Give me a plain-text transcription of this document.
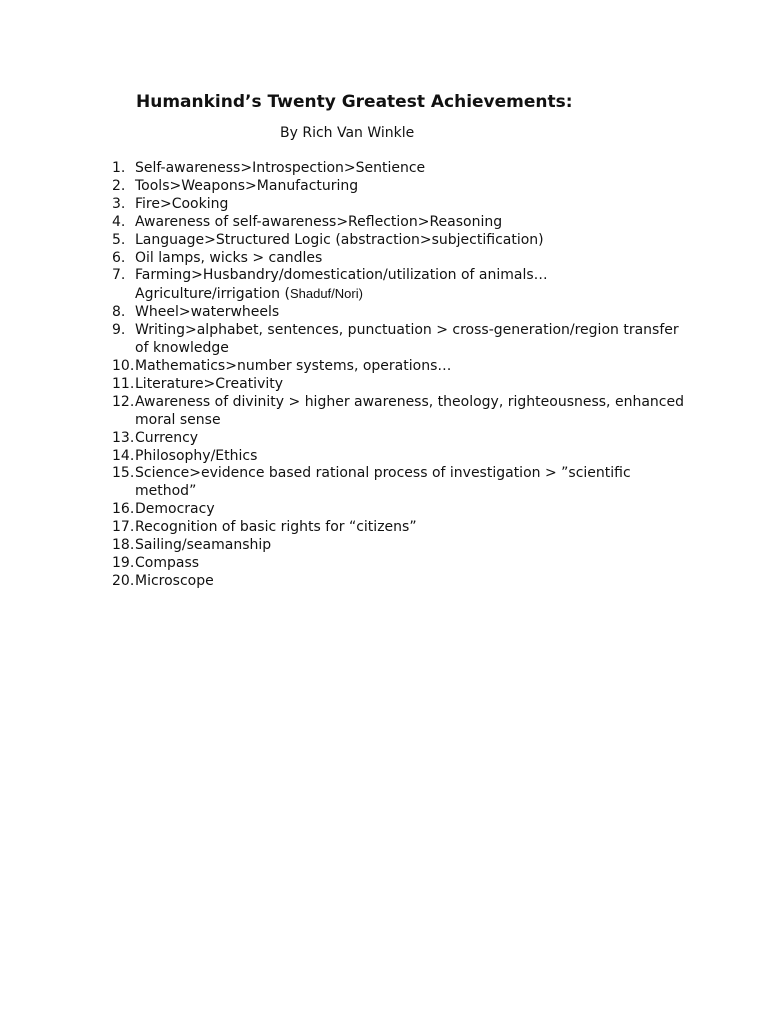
Humankind’s Twenty Greatest Achievements:

By Rich Van Winkle

1. Self-awareness>Introspection>Sentience
2. Tools>Weapons>Manufacturing
3. Fire>Cooking
4. Awareness of self-awareness>Reflection>Reasoning
5. Language>Structured Logic (abstraction>subjectification)
6. Oil lamps, wicks > candles
7. Farming>Husbandry/domestication/utilization of animals…
Agriculture/irrigation (Shaduf/Nori)
8. Wheel>waterwheels
9. Writing>alphabet, sentences, punctuation > cross-generation/region transfer of knowledge
10. Mathematics>number systems, operations…
11. Literature>Creativity
12. Awareness of divinity > higher awareness, theology, righteousness, enhanced moral sense
13. Currency
14. Philosophy/Ethics
15. Science>evidence based rational process of investigation > ”scientific method”
16. Democracy
17. Recognition of basic rights for “citizens”
18. Sailing/seamanship
19. Compass
20. Microscope
